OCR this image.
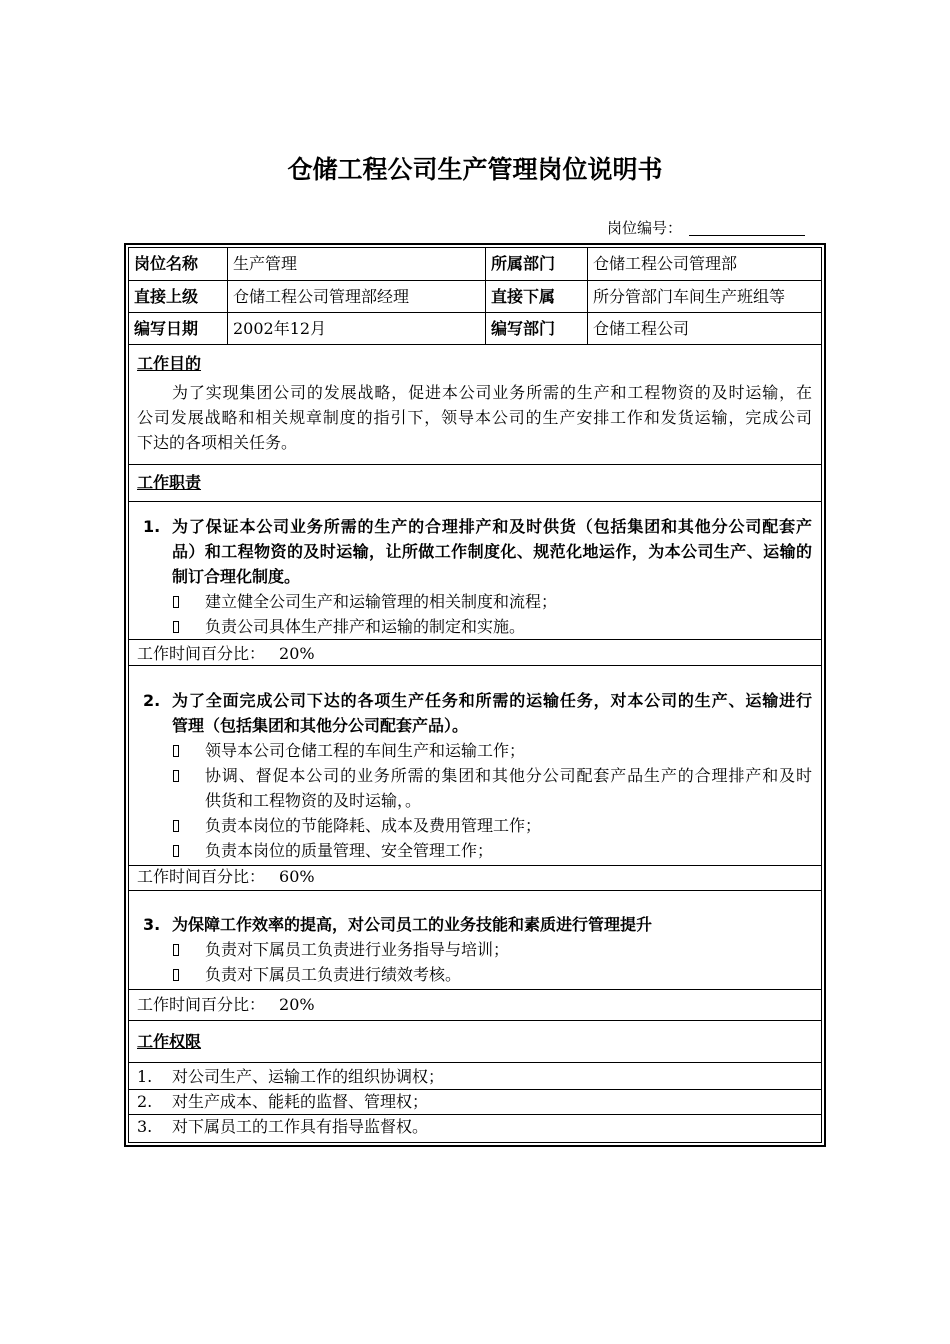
仓储工程公司生产管理岗位说明书
岗位编号：
岗位名称	生产管理	所属部门	仓储工程公司管理部
直接上级	仓储工程公司管理部经理	直接下属	所分管部门车间生产班组等
编写日期	2002年12月	编写部门	仓储工程公司
工作目的
为了实现集团公司的发展战略，促进本公司业务所需的生产和工程物资的及时运输，在
公司发展战略和相关规章制度的指引下，领导本公司的生产安排工作和发货运输，完成公司
下达的各项相关任务。
工作职责
1. 为了保证本公司业务所需的生产的合理排产和及时供货（包括集团和其他分公司配套产
品）和工程物资的及时运输，让所做工作制度化、规范化地运作，为本公司生产、运输的
制订合理化制度。
建立健全公司生产和运输管理的相关制度和流程；
负责公司具体生产排产和运输的制定和实施。
工作时间百分比： 20%
2. 为了全面完成公司下达的各项生产任务和所需的运输任务，对本公司的生产、运输进行
管理（包括集团和其他分公司配套产品）。
领导本公司仓储工程的车间生产和运输工作；
协调、督促本公司的业务所需的集团和其他分公司配套产品生产的合理排产和及时
供货和工程物资的及时运输，。
负责本岗位的节能降耗、成本及费用管理工作；
负责本岗位的质量管理、安全管理工作；
工作时间百分比： 60%
3. 为保障工作效率的提高，对公司员工的业务技能和素质进行管理提升
负责对下属员工负责进行业务指导与培训；
负责对下属员工负责进行绩效考核。
工作时间百分比： 20%
工作权限
1. 对公司生产、运输工作的组织协调权；
2. 对生产成本、能耗的监督、管理权；
3. 对下属员工的工作具有指导监督权。
